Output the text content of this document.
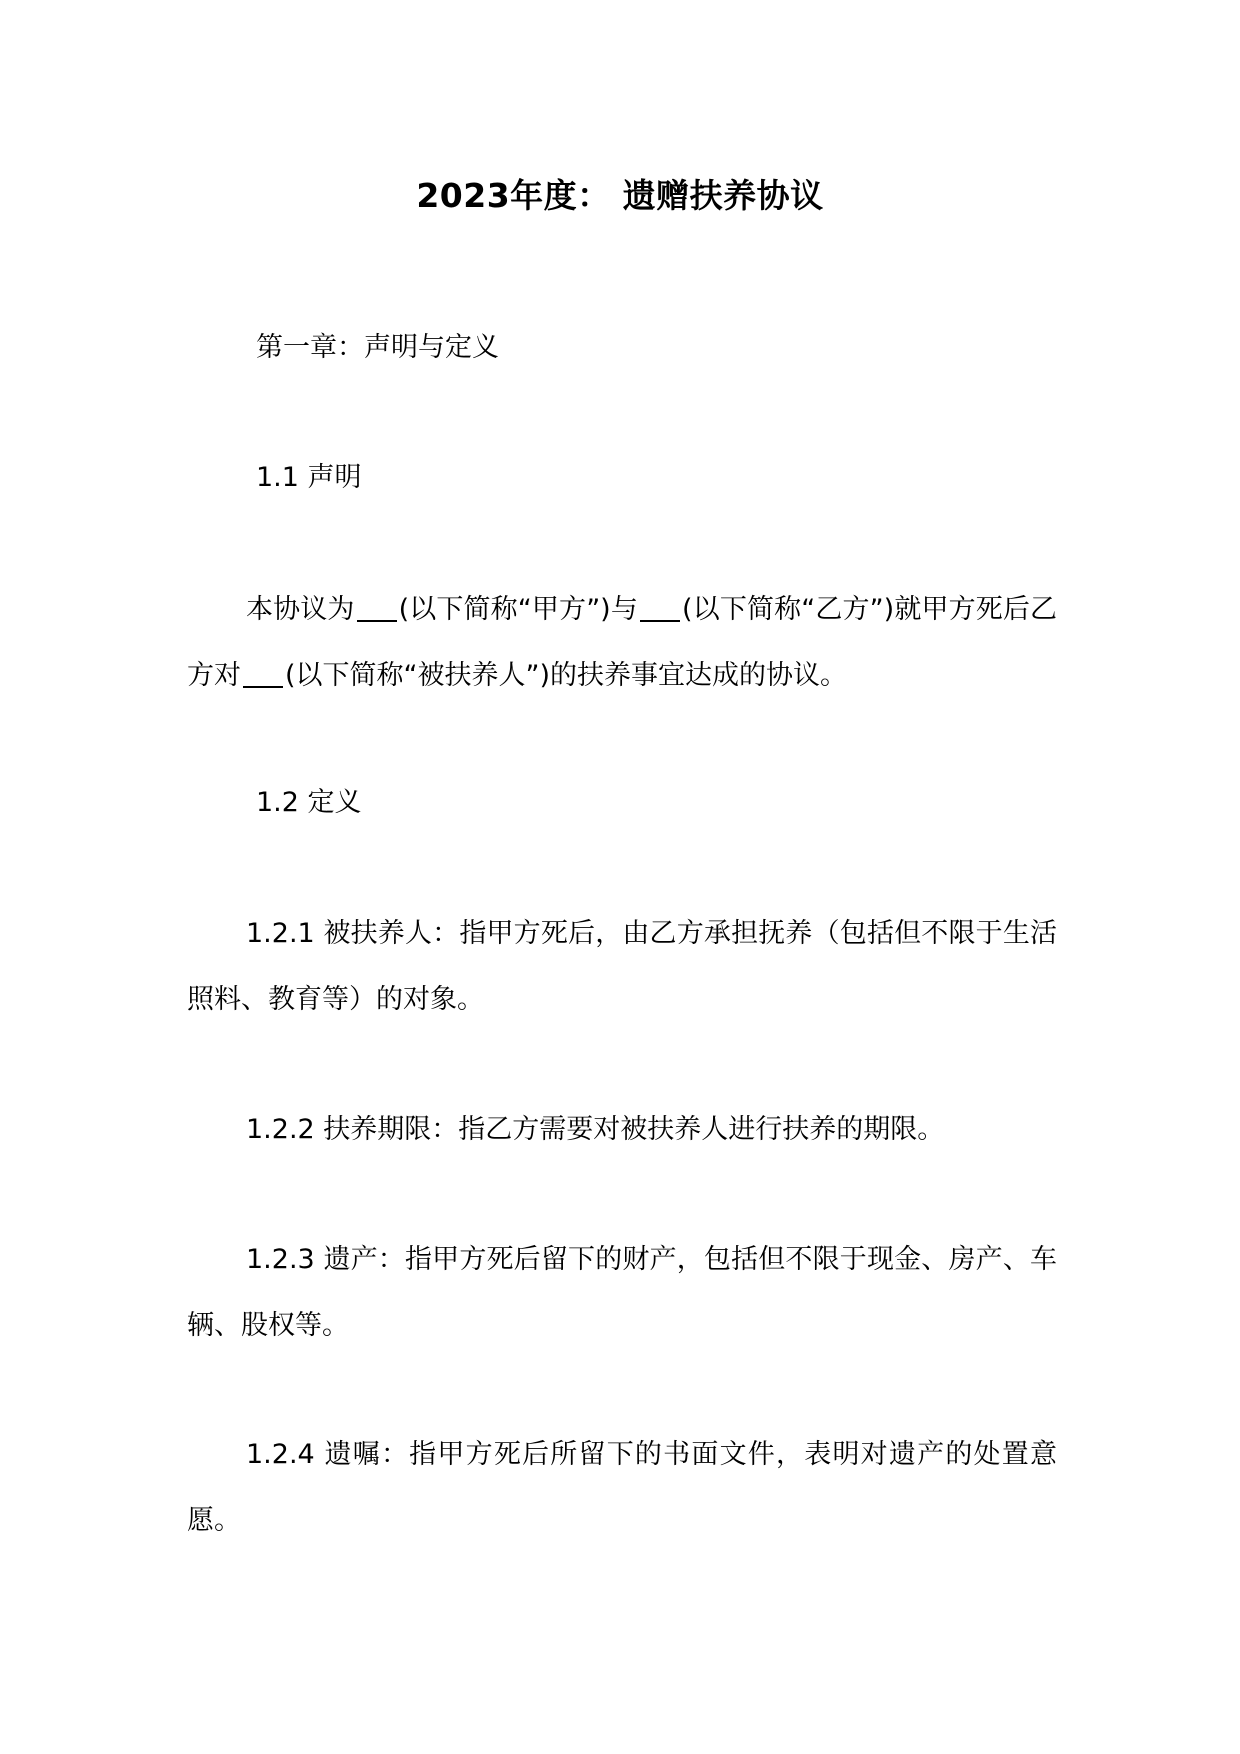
2023年度： 遗赠扶养协议
第一章：声明与定义
1.1 声明
本协议为 (以下简称“甲方”)与 (以下简称“乙方”)就甲方死后乙方对 (以下简称“被扶养人”)的扶养事宜达成的协议。
1.2 定义
1.2.1 被扶养人：指甲方死后，由乙方承担抚养（包括但不限于生活照料、教育等）的对象。
1.2.2 扶养期限：指乙方需要对被扶养人进行扶养的期限。
1.2.3 遗产：指甲方死后留下的财产，包括但不限于现金、房产、车辆、股权等。
1.2.4 遗嘱：指甲方死后所留下的书面文件，表明对遗产的处置意愿。
